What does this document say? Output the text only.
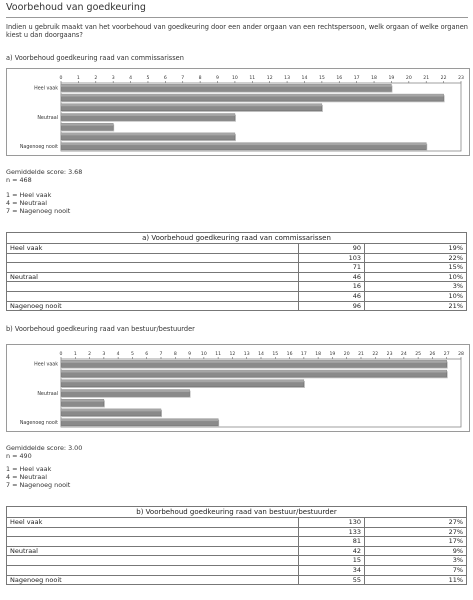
Voorbehoud van goedkeuring
Indien u gebruik maakt van het voorbehoud van goedkeuring door een ander orgaan van een rechtspersoon, welk orgaan of welke organen kiest u dan doorgaans?
a) Voorbehoud goedkeuring raad van commissarissen
0	1	2	3	4	5	6	7	8	9	10	11	12	13	14	15	16	17	18	19	20	21	22	23
Heel vaak
Neutraal
Nagenoeg nooit
Gemiddelde score: 3.68
n = 468
1 = Heel vaak
4 = Neutraal
7 = Nagenoeg nooit
a) Voorbehoud goedkeuring raad van commissarissen		
Heel vaak	90	19%
	103	22%
	71	15%
Neutraal	46	10%
	16	3%
	46	10%
Nagenoeg nooit	96	21%
b) Voorbehoud goedkeuring raad van bestuur/bestuurder
0 1 2 3 4 5 6 7 8 9 10 11 12 13 14 15 16 17 18 19 20 21 22 23 24 25 26 27 28
Heel vaak
Neutraal
Nagenoeg nooit
Gemiddelde score: 3.00
n = 490
1 = Heel vaak
4 = Neutraal
7 = Nagenoeg nooit
b) Voorbehoud goedkeuring raad van bestuur/bestuurder		
Heel vaak	130	27%
	133	27%
	81	17%
Neutraal	42	9%
	15	3%
	34	7%
Nagenoeg nooit	55	11%
